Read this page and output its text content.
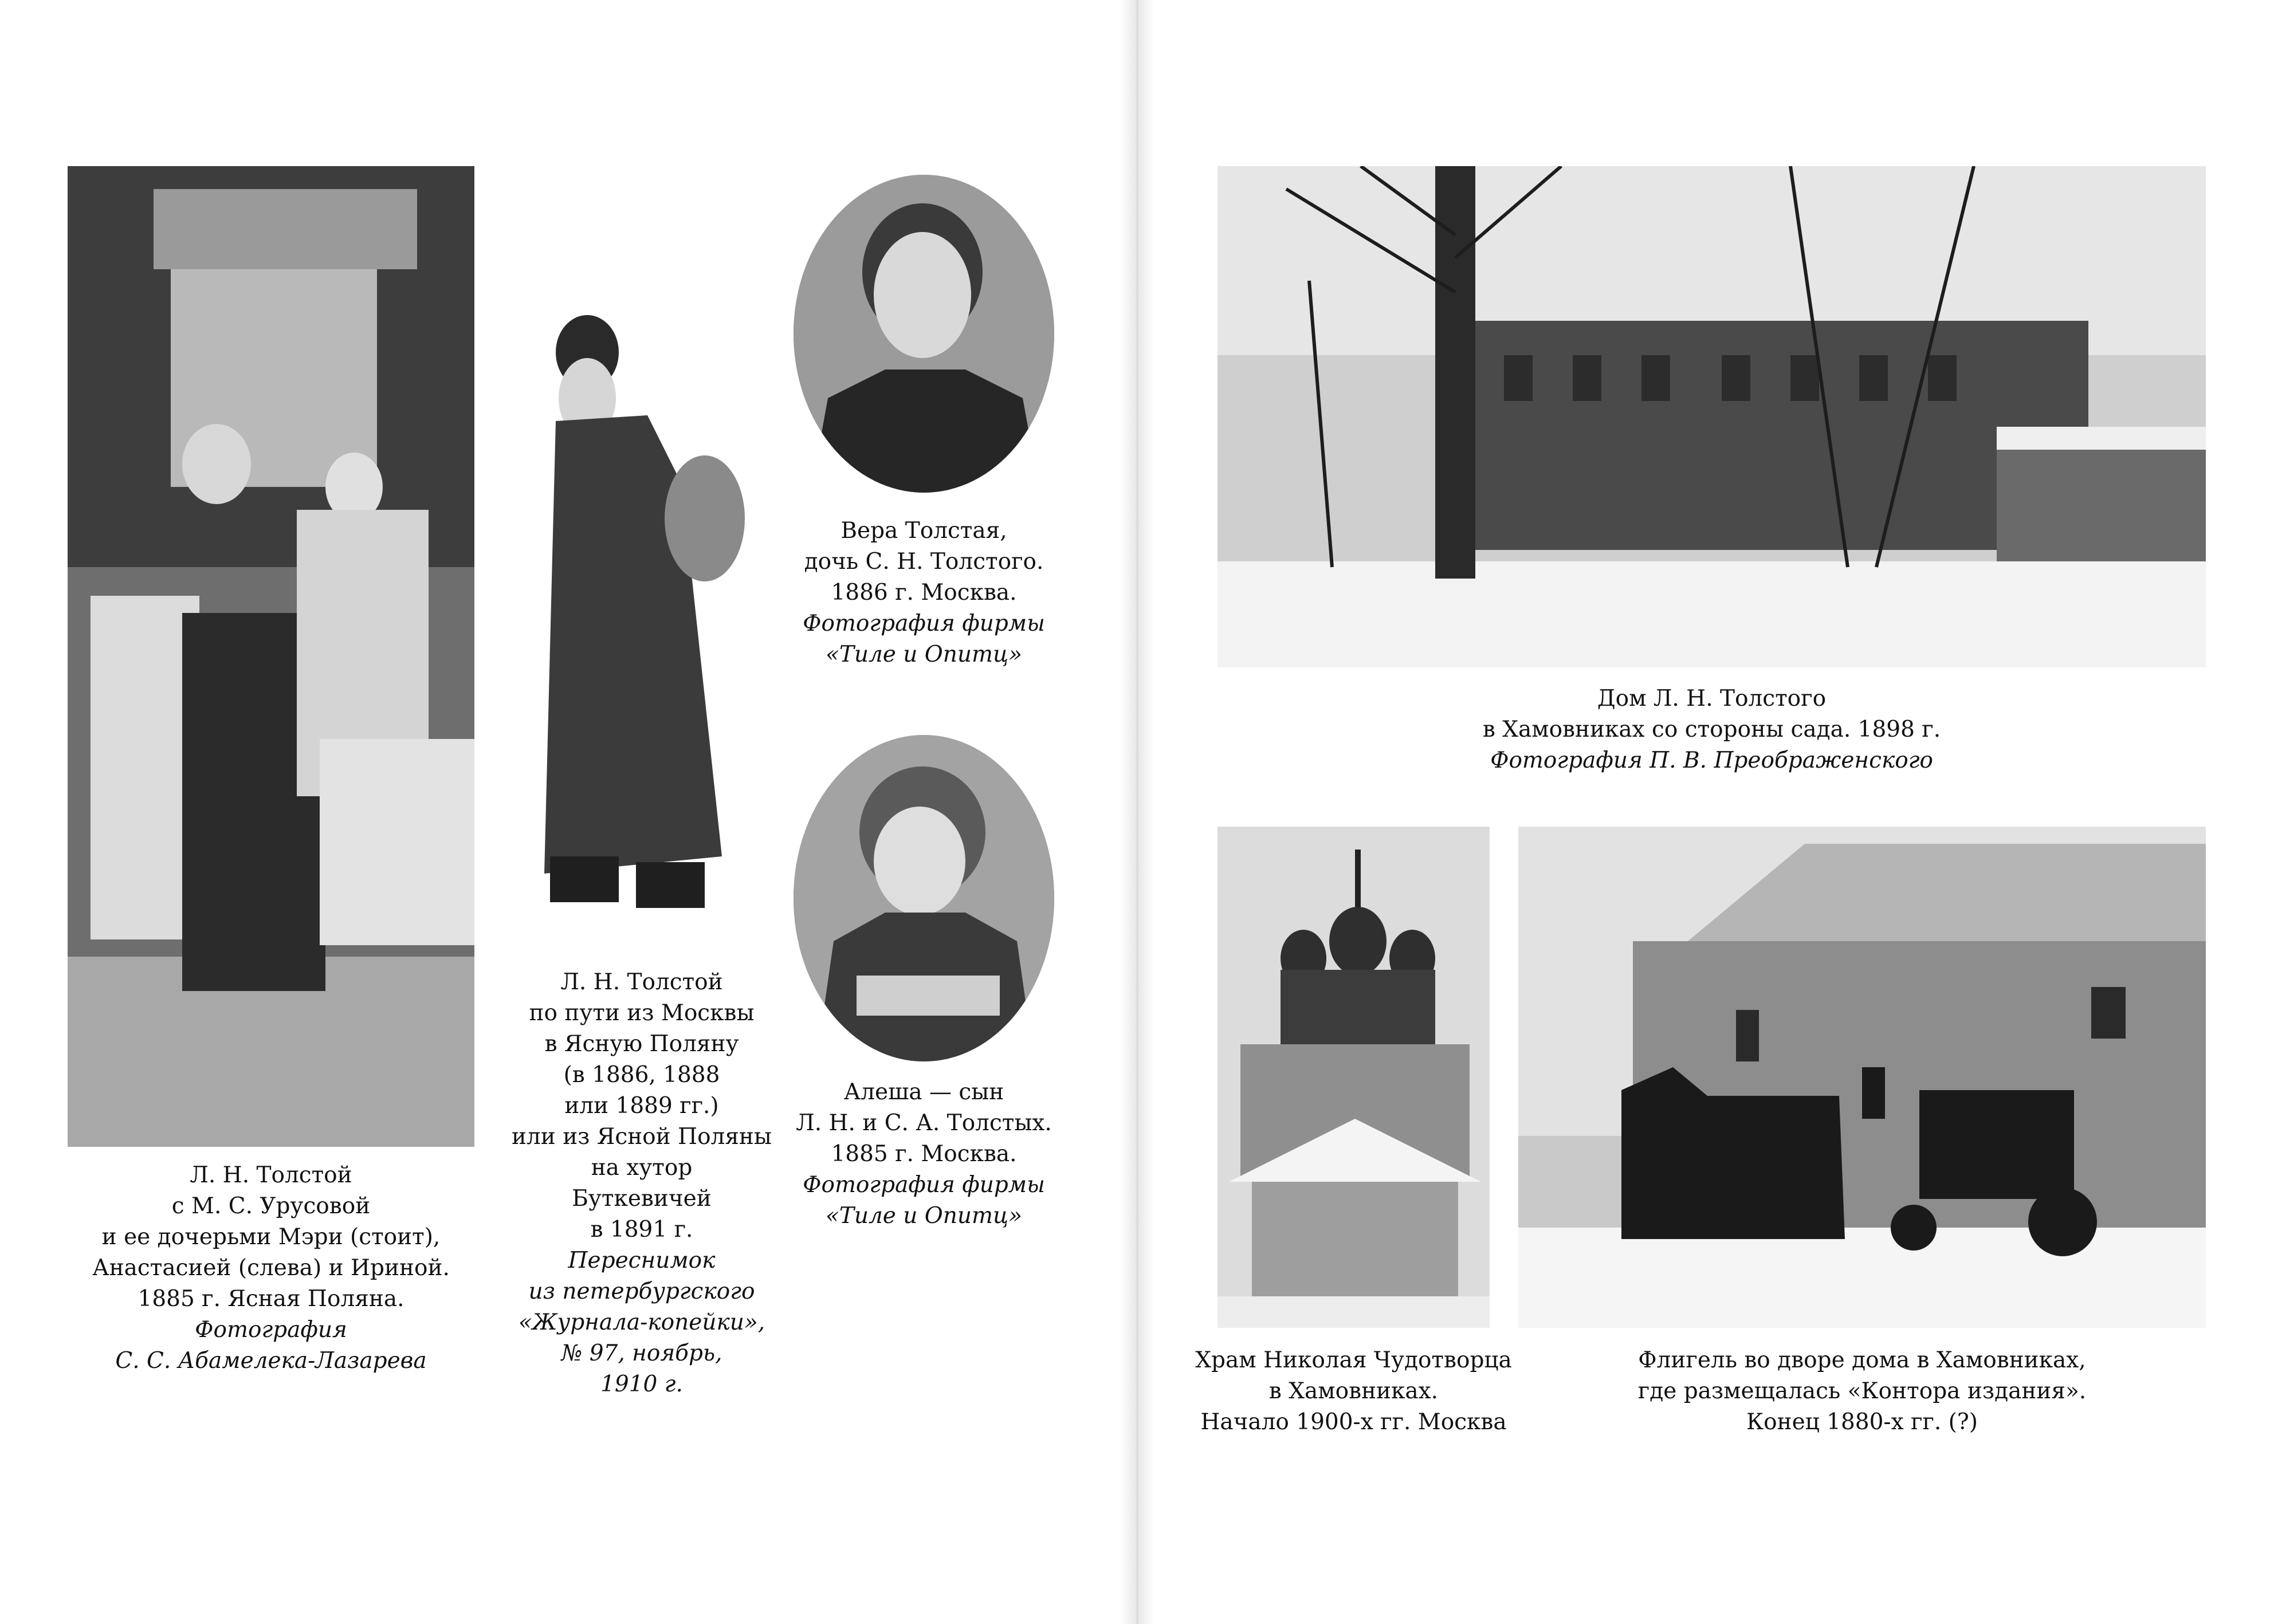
Л. Н. Толстой
с М. С. Урусовой
и ее дочерьми Мэри (стоит),
Анастасией (слева) и Ириной.
1885 г. Ясная Поляна.
Фотография
С. С. Абамелека-Лазарева
Л. Н. Толстой
по пути из Москвы
в Ясную Поляну
(в 1886, 1888
или 1889 гг.)
или из Ясной Поляны
на хутор
Буткевичей
в 1891 г.
Переснимок
из петербургского
«Журнала-копейки»,
№ 97, ноябрь,
1910 г.
Вера Толстая,
дочь С. Н. Толстого.
1886 г. Москва.
Фотография фирмы
«Тиле и Опитц»
Алеша — сын
Л. Н. и С. А. Толстых.
1885 г. Москва.
Фотография фирмы
«Тиле и Опитц»
Дом Л. Н. Толстого
в Хамовниках со стороны сада. 1898 г.
Фотография П. В. Преображенского
Храм Николая Чудотворца
в Хамовниках.
Начало 1900-х гг. Москва
Флигель во дворе дома в Хамовниках,
где размещалась «Контора издания».
Конец 1880-х гг. (?)
